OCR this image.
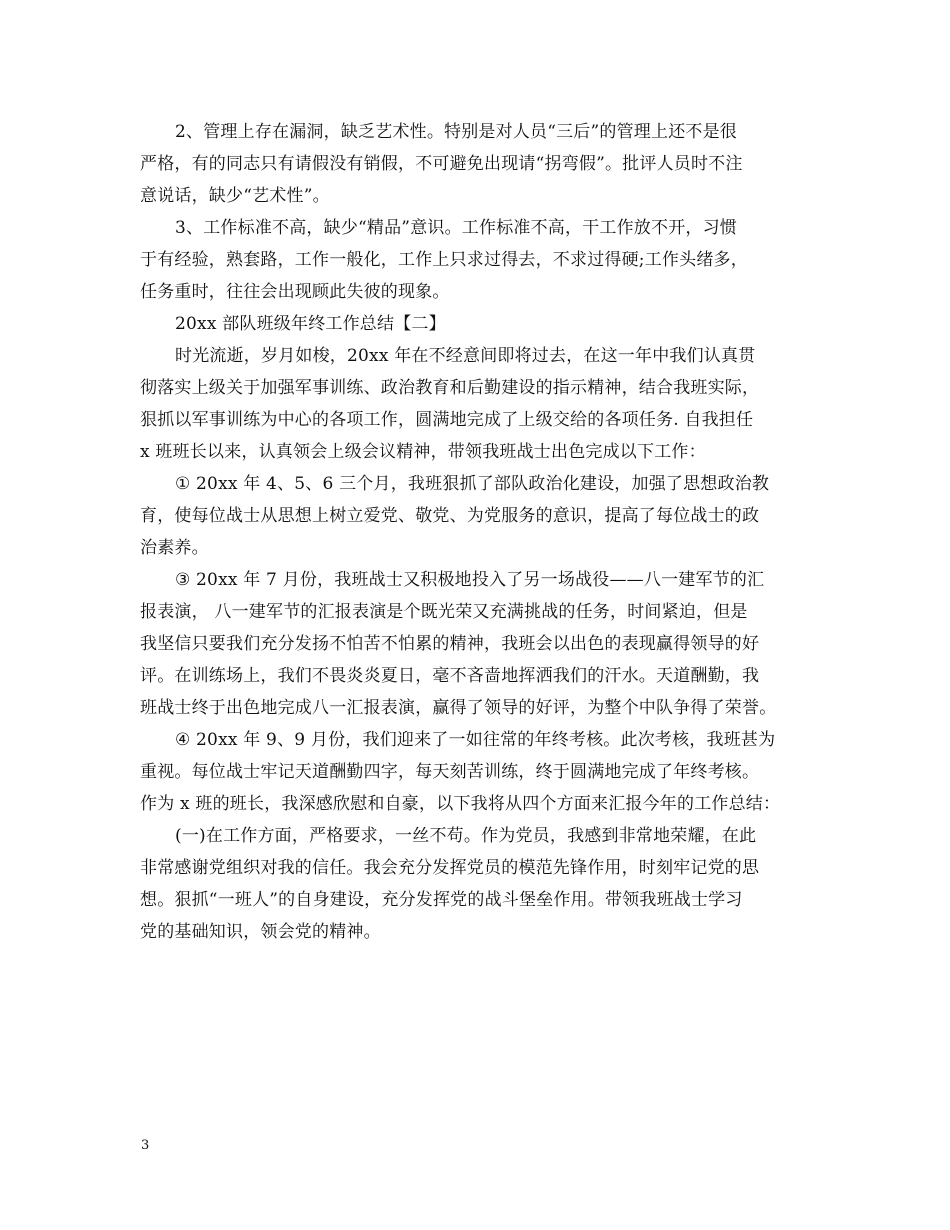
2、管理上存在漏洞，缺乏艺术性。特别是对人员“三后”的管理上还不是很
严格，有的同志只有请假没有销假，不可避免出现请“拐弯假”。批评人员时不注
意说话，缺少“艺术性”。
3、工作标准不高，缺少“精品”意识。工作标准不高，干工作放不开，习惯
于有经验，熟套路，工作一般化，工作上只求过得去，不求过得硬;工作头绪多，
任务重时，往往会出现顾此失彼的现象。
20xx 部队班级年终工作总结【二】
时光流逝，岁月如梭，20xx 年在不经意间即将过去，在这一年中我们认真贯
彻落实上级关于加强军事训练、政治教育和后勤建设的指示精神，结合我班实际，
狠抓以军事训练为中心的各项工作，圆满地完成了上级交给的各项任务. 自我担任
x 班班长以来，认真领会上级会议精神，带领我班战士出色完成以下工作：
① 20xx 年 4、5、6 三个月，我班狠抓了部队政治化建设，加强了思想政治教
育，使每位战士从思想上树立爱党、敬党、为党服务的意识，提高了每位战士的政
治素养。
③ 20xx 年 7 月份，我班战士又积极地投入了另一场战役——八一建军节的汇
报表演， 八一建军节的汇报表演是个既光荣又充满挑战的任务，时间紧迫，但是
我坚信只要我们充分发扬不怕苦不怕累的精神，我班会以出色的表现赢得领导的好
评。在训练场上，我们不畏炎炎夏日，毫不吝啬地挥洒我们的汗水。天道酬勤，我
班战士终于出色地完成八一汇报表演，赢得了领导的好评，为整个中队争得了荣誉。
④ 20xx 年 9、9 月份，我们迎来了一如往常的年终考核。此次考核，我班甚为
重视。每位战士牢记天道酬勤四字，每天刻苦训练，终于圆满地完成了年终考核。
作为 x 班的班长，我深感欣慰和自豪，以下我将从四个方面来汇报今年的工作总结：
(一)在工作方面，严格要求，一丝不苟。作为党员，我感到非常地荣耀，在此
非常感谢党组织对我的信任。我会充分发挥党员的模范先锋作用，时刻牢记党的思
想。狠抓“一班人”的自身建设，充分发挥党的战斗堡垒作用。带领我班战士学习
党的基础知识，领会党的精神。
3
